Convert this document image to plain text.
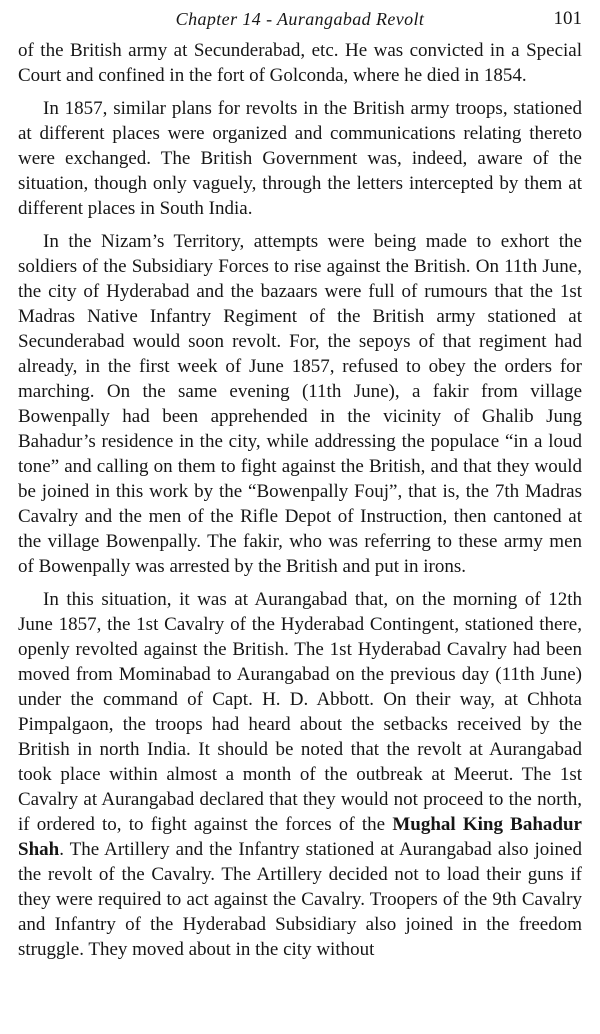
Chapter 14 - Aurangabad Revolt	101

of the British army at Secunderabad, etc. He was convicted in a Special Court and confined in the fort of Golconda, where he died in 1854.

In 1857, similar plans for revolts in the British army troops, stationed at different places were organized and communications relating thereto were exchanged. The British Government was, indeed, aware of the situation, though only vaguely, through the letters intercepted by them at different places in South India.

In the Nizam’s Territory, attempts were being made to exhort the soldiers of the Subsidiary Forces to rise against the British. On 11th June, the city of Hyderabad and the bazaars were full of rumours that the 1st Madras Native Infantry Regiment of the British army stationed at Secunderabad would soon revolt. For, the sepoys of that regiment had already, in the first week of June 1857, refused to obey the orders for marching. On the same evening (11th June), a fakir from village Bowenpally had been apprehended in the vicinity of Ghalib Jung Bahadur’s residence in the city, while addressing the populace “in a loud tone” and calling on them to fight against the British, and that they would be joined in this work by the “Bowenpally Fouj”, that is, the 7th Madras Cavalry and the men of the Rifle Depot of Instruction, then cantoned at the village Bowenpally. The fakir, who was referring to these army men of Bowenpally was arrested by the British and put in irons.

In this situation, it was at Aurangabad that, on the morning of 12th June 1857, the 1st Cavalry of the Hyderabad Contingent, stationed there, openly revolted against the British. The 1st Hyderabad Cavalry had been moved from Mominabad to Aurangabad on the previous day (11th June) under the command of Capt. H. D. Abbott. On their way, at Chhota Pimpalgaon, the troops had heard about the setbacks received by the British in north India. It should be noted that the revolt at Aurangabad took place within almost a month of the outbreak at Meerut. The 1st Cavalry at Aurangabad declared that they would not proceed to the north, if ordered to, to fight against the forces of the Mughal King Bahadur Shah. The Artillery and the Infantry stationed at Aurangabad also joined the revolt of the Cavalry. The Artillery decided not to load their guns if they were required to act against the Cavalry. Troopers of the 9th Cavalry and Infantry of the Hyderabad Subsidiary also joined in the freedom struggle. They moved about in the city without
